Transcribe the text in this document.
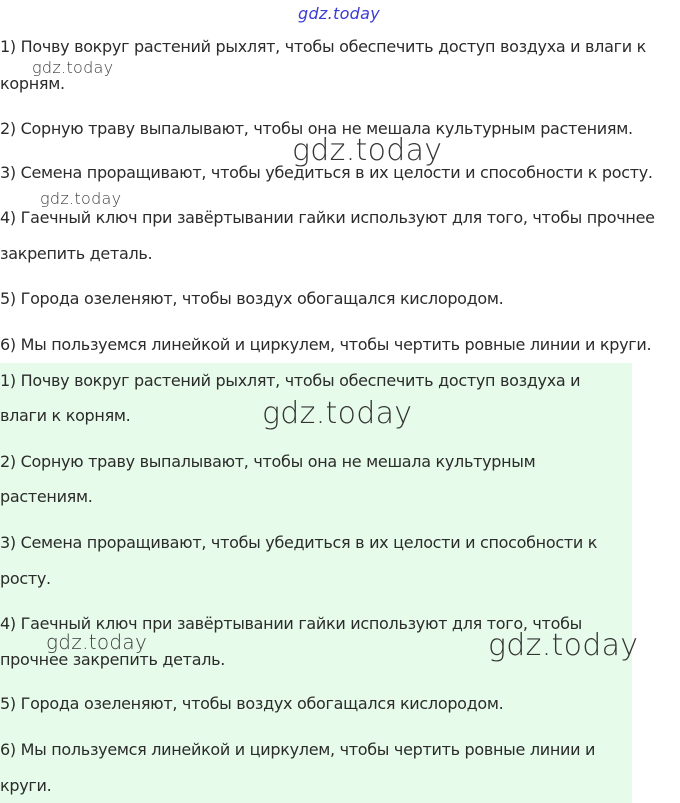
gdz.today
1) Почву вокруг растений рыхлят, чтобы обеспечить доступ воздуха и влаги к
корням.
2) Сорную траву выпалывают, чтобы она не мешала культурным растениям.
3) Семена проращивают, чтобы убедиться в их целости и способности к росту.
4) Гаечный ключ при завёртывании гайки используют для того, чтобы прочнее
закрепить деталь.
5) Города озеленяют, чтобы воздух обогащался кислородом.
6) Мы пользуемся линейкой и циркулем, чтобы чертить ровные линии и круги.
1) Почву вокруг растений рыхлят, чтобы обеспечить доступ воздуха и
влаги к корням.
2) Сорную траву выпалывают, чтобы она не мешала культурным
растениям.
3) Семена проращивают, чтобы убедиться в их целости и способности к
росту.
4) Гаечный ключ при завёртывании гайки используют для того, чтобы
прочнее закрепить деталь.
5) Города озеленяют, чтобы воздух обогащался кислородом.
6) Мы пользуемся линейкой и циркулем, чтобы чертить ровные линии и
круги.
gdz.today
gdz.today
gdz.today
gdz.today
gdz.today	gdz.today
